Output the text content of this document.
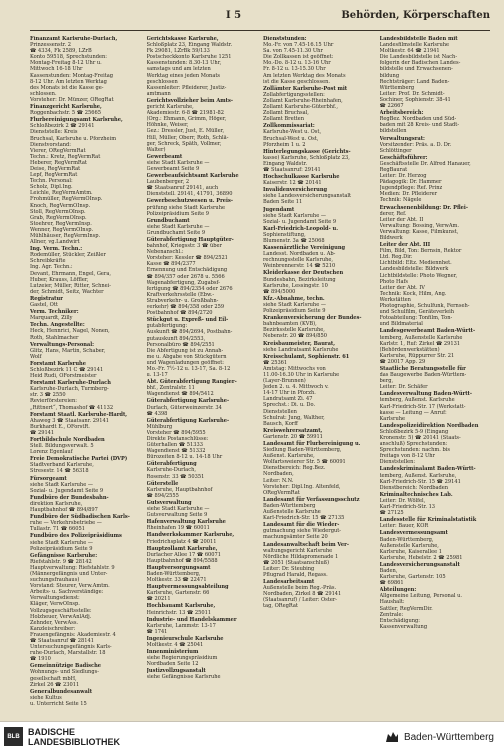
I 5	Behörden, Körperschaften
Finanzamt Karlsruhe-Durlach,
Prinzessenstr. 2
☎ 4334, Fk 2589, LZrB
Konto 59518, Sprechstunden:
Montag-Freitag 8-12 Uhr u.
Mittwoch 16-18 Uhr
Kassenstunden: Montag-Freitag
8-12 Uhr. Am letzten Werktag
des Monats ist die Kasse ge-
schlossen.
Vorsteher: Dr. Münzer, ORegRat
Finanzgericht Karlsruhe,
Roggenbachstr. 5 ☎ 25665
Flurbereinigungsamt Karlsruhe,
Schloßbezirk 2 ☎ 29141
Dienststelle: Kreis
Bruchsal, Karlsruhe u. Pforzheim
Dienstvorstand:
Vierer, ORegVermRat
Techn.: Kretz, RegVermRat
Heberer, RegVermRat
Deise, RegVermRat
Lepf, RegVermRat
Techn. Personal:
Scholz, Dipl.Ing.
Leichle, RegVermAmtm.
Frohmüller, RegVermOInsp.
Knoch, RegVermOInsp.
Stoll, RegVermOInsp.
Grab, RegVermOInsp.
Stoehrer, RegVermInsp.
Wenner, RegVermOInsp.
Mühlhäuser, RegVermInsp.
Allner, vg.Landwirt
Ing. Verm. Techn.:
Rodemüller, Stückler, Zeißler
Schreibkräfte
Ing. Agr. Techn.:
Devant, Ehrmann, Engel, Gera,
Huber, Krauss, Löffler,
Lutzeier, Müller, Ritter, Schnei-
der, Schmidt, Seitz, Wachter
Registratur
Gastel, Ott
Verm. Techniker:
Marquardt, Zilly
Techn. Angestellte:
Heck, Hennrici, Nagel, Nonen,
Roth, Stahlmacher
Verwaltungs-Personal:
Glitz, Hans, Martin, Schaber,
Wolf
Forstamt Karlsruhe
Schloßbezirk 11 C ☎ 29141
Heid Rudi, OForstmeister
Forstamt Karlsruhe-Durlach
Karlsruhe-Durlach, Turmberg-
str. 3 ☎ 2550
Revierförstereien:
„Rittnert“, Thomashof ☎ 41132
Forstamt Staatl. Karlsruhe-Hardt,
Ahaweg 3 ☎ Staatsanr. 29141
Burkhardt E., OForstR.
☎ 29141
Fortbildschule Nordbaden
Stell. Bildungsverwalt. 5
Lorenz Egenlauf
Freie Demokratische Partei (DVP)
Stadtverband Karlsruhe,
Stresestr. 14 ☎ 56318
Fürsorgeamt
siehe Stadt Karlsruhe —
Sozial- u. Jugendamt Seite 9
Fundbüro der Bundesbahn-
direktion Karlsruhe,
Hauptbahnhof ☎ 894/897
Fundbüro der Südbadischen Karls-
ruhe — Verkehrsbetriebe —
Tullastr. 71 ☎ 66051
Fundbüro des Polizeipräsidiums
siehe Stadt Karlsruhe —
Polizeipräsidium Seite 9
Gefängnisse Karlsruhe:
Riefstahlstr. 9 ☎ 28142
Hauptverwaltung: Riefstahlstr. 9
(Männergefängnis und Unter-
suchungsfrauhaus)
Vorstand: Steurer, Verw.Amtm.
Arbeits- u. Sachverständige:
Verwaltungsdienst:
Kläger, VerwOInsp.
Vollzugsgeschäftsstelle:
Holzheuer, VerwAnlAdj.
Zehnder, VerwAss.
Kanzleischreiber:
Frauengefängnis: Akademiestr. 4
☎ Staatsanruf ☎ 28141
Untersuchungsgefängnis Karls-
ruhe-Durlach, Marstallstr. 18
☎ 1910
Gemeinnützige Badische
Wohnungs- und Siedlungs-
gesellschaft mbH,
Zirkel 26 ☎ 23011
Generalbundesanwalt
siehe Kultus
u. Unterricht Seite 15
Gerichtskasse Karlsruhe,
Schloßplatz 23, Eingang Waldstr.
Fk 29081, LZrBk 59/133
Postscheckkonto Karlsruhe 1251
Kassenstunden: 8.30-13 Uhr,
samstags und am letzten
Werktag eines jeden Monats
geschlossen
Kassenleiter: Pfleiderer, Justiz-
amtmann
Gerichtsvollzieher beim Amts-
gericht Karlsruhe,
Akademiestr. 6-8 ☎ 21981-82
(Org.: Ehmann, Grimm, Höger,
Höhnke, Weiser,
Gez.: Dressler, Just, E. Müller,
Hill, Müller, Oberr, Roth, Schlä-
ger, Schreck, Späth, Vollmer,
Walter)
Gewerbeamt
siehe Stadt Karlsruhe —
Gewerbeamt Seite 9
Gewerbeaufsichtsamt Karlsruhe
Laubenberger, 2
☎ Staatsanruf 29141, auch
Dienststell. 29141, 41791, 36890
Gewerbeschutzwesen u. Preis-
prüfung siehe Stadt Karlsruhe
Polizeipräsidium Seite 9
Grundbuchamt
siehe Stadt Karlsruhe —
Grundbuchamt Seite 9
Güterabfertigung Hauptgüter-
bahnhof, Kriegsstr. 3 ☎ über
Nebenanschl.:
Vorsteher: Kessler ☎ 894/2521
Kasse ☎ 894/2377
Ernennung und Entschädigung
☎ 894/357 oder 2678 u. 5566
Wagenabfertigung, Zugabsf-
fertigung ☎ 894/2354 oder 2676
Kraftverkehrsstelle (Ebw.-
Strabverkehr- u. Großbahn-
verkehr) ☎ 894/358 oder 259
Postbahnhof ☎ 894/2720
Stückgut u. Expreß- und Eil-
gutabfertigung:
Auskunft ☎ 894/2694, Postbahn-
gutauskunft 894/2553,
Personalbüro ☎ 894/2551
Die Abfertigung ist zu Annah-
me u. Abgabe von Stückgütern
und Wagenladungen geöffnet:
Mo.-Fr. 7½-12 u. 13-17, Sa. 8-12
u. 13-17
Abt. Güterabfertigung Rangier-
bhf., Zentralstr. 11
Wagendienst ☎ 894/5412
Güterabfertigung Karlsruhe-
Durlach, Güterweinzerstr. 34
☎ 4398
Güterabfertigung Karlsruhe-
Mühlburg
Vorsteher ☎ 894/5955
Direkte Postanschlüsse:
Güterhallen ☎ 51333
Wagendienst ☎ 51332
Bürozeiten 8-12 u. 14-18 Uhr
Güterabfertigung
Karlsruhe-Durlach,
Rosenstr. 33 ☎ 50351
Güterstelle
Karlsruhe, Hauptbahnhof
☎ 894/2555
Gutsverwaltung
siehe Stadt Karlsruhe —
Gutsverwaltung Seite 9
Hafenverwaltung Karlsruhe
Rheinhafen 19 ☎ 60011
Handwerkskammer Karlsruhe,
Friedrichsplatz 4 ☎ 20011
Hauptzollamt Karlsruhe,
Durlacher Allee 17 ☎ 60071
Hauptbahnhof ☎ 894/5588
Hauptversorgungsamt
Baden-Württemberg,
Moltkestr. 33 ☎ 22471
Hauptvermessungsabteilung
Karlsruhe, Gartenstr. 66
☎ 20211
Hochbauamt Karlsruhe,
Heinrichstr. 13 ☎ 25011
Industrie- und Handelskammer
Karlsruhe, Lammstr. 13-17
☎ 1741
Ingenieurschule Karlsruhe
Moltkestr. 4 ☎ 25041
Innenministerium
siehe Regierungspräsidium
Nordbaden Seite 12
Justizvollzugsanstalt
siehe Gefängnisse Karlsruhe
Dienststunden:
Mo.-Fr. von 7.45-16.15 Uhr
Sa. von 7.45-11.30 Uhr
Die Zollkassen ist geöffnet:
Mo.-Do. 8-12 u. 13-16 Uhr
Fr. 8-12 u. 13-15.30 Uhr
Am letzten Werktag des Monats
ist die Kasse geschlossen.
Zollämter Karlsruhe-Post mit
Zollabfertigungsstellen:
Zollamt Karlsruhe-Rheinhafen,
Zollamt Karlsruhe-Güterbhf.,
Zollamt Bruchsal,
Zollamt Bretten
Zollkommissariat:
Karlsruhe-West u. Ost,
Bruchsal-West u. Ost,
Pforzheim 1 u. 2
Hinterlegungskasse (Gerichts-
kasse) Karlsruhe, Schloßplatz 23,
Eingang Waldstr.
☎ Staatsanruf: 29141
Hochschulkasse Karlsruhe
Kaiserstr. 12 ☎ 20141
Invalidenversicherung
siehe Landesversicherungsanstalt
Baden Seite 11
Jugendamt
siehe Stadt Karlsruhe —
Sozial- u. Jugendamt Seite 9
Karl-Friedrich-Leopold- u.
Sophienstiftung,
Blumenstr. 3a ☎ 25068
Kassenärztliche Vereinigung
Landesst. Nordbaden u. Ab-
rechnungsstelle Karlsruhe,
Weinbrennerstr. 14 ☎ 5210
Kleiderkasse der Deutschen
Bundesbahn, Bezirksleitung
Karlsruhe, Lessingstr. 10
☎ 894/5000
Kfz.-Abnahme, techn.
siehe Stadt Karlsruhe —
Polizeipräsidium Seite 9
Krankenversicherung der Bundes-
bahnbeamten (KVB),
Bezirksstelle Karlsruhe,
Nebenstr. 20 ☎ 894/850
Kreisbaumeister, Baurat,
siehe Landratsamt Karlsruhe
Kreisschulamt, Sophienstr. 61
☎ 25361
Amtstag: Mittwochs von
11.00-16.30 Uhr in Karlsruhe
(Layer-Brunnen)
Jeden 2. u. 4. Mittwoch v.
14-17 Uhr in Pforzh.
Landratsamt Zi. 47
Sprechst.: Di. u. Do.
Dienststellen
Schulrat: Jung, Walther,
Bausch, Korff
Kreiswehrersatzamt,
Gartenstr. 20 ☎ 59911
Landesamt für Flurbereinigung u.
Siedlung Baden-Württemberg,
Außenst. Karlsruhe,
Wolfartsweierer Str. 5 ☎ 60091
Dienstbereich: Reg.Bez.
Nordbaden,
Leiter: N.N.
Vorsteher: Dipl.Ing. Altenfeld,
ORegVermRat
Landesamt für Verfassungsschutz
Baden-Württemberg
Außenstelle Karlsruhe
Karl-Friedrich-Str. 15 ☎ 27135
Landesamt für die Wieder-
gutmachung siehe Wiedergut-
machungsämter Seite 20
Landesanwaltschaft beim Ver-
waltungsgericht Karlsruhe
Nördliche Hildapromenade 1
☎ 2051 (Staatsanschluß)
Leiter: Dr. Steubing
Pflugrad Harald, Regass.
Landesarbeitsamt
Außenstelle beim Reg.-Präs.
Nordbaden, Zirkel 8 ☎ 29141
(Staatsanruf) / Leiter: Oster-
tag, ORegRat
Landesbildstelle Baden mit
Landesfilmstelle Karlsruhe
Moltkestr. 64 ☎ 21941
Die Landesbildstelle ist Nach-
folgerin der Badischen Landes-
bildstelle und Erwachsenen-
bildung
Rechtsträger: Land Baden-
Württemberg
Leiter: Prof. Dr. Schmidt-
Sochiner, Sophienstr. 38-41
☎ 22667
Arbeitsbereich:
RegBez. Nordbaden und Süd-
baden mit 28 Kreis- und Stadt-
bildstellen
Verwaltungsrat:
Vorsitzender: Präs. a. D. Dr.
Schlöttinger
Geschäftsführer:
Geschäftsstelle Dr. Alfred Hanauer,
RegBaurat
Leiter: Dr. Herzog
Pädagogik: Dr. Hammer
Jugendpflege: Ref. Prinz
Medien: Dr. Pfleiderer
Technik: Nägele
Erwachsenenbildung: Dr. Pflei-
derer, Ref.
Leiter der Abt. II
Verwaltung: Bossing, VerwAm.
Verwaltung: Kasse, Filmkunst,
Bildwerk
Leiter der Abt. III
Film, Bild, Ton: Bernsin, Rektor
Ltd. Reg.Dir.
Lichtbild: Eltz. Mediennhet.
Landesbildstelle: Bildwerk
Lichtbildstelle: Photo Wegner,
Photo Hafs
Leiter der Abt. IV
Technik: Kock, Hilm, Ang.
Werkstätten
Photographie, Schulfunk, Fernseh-
und Schulfilm, Geräteverleih
Fotoabteilung: Tonfilm, Ton-
und Bildmaterial
Landesgewerbeamt Baden-Württ-
temberg, Außenstelle Karlsruhe
Karlstr. 1, Ruf: Zirkel ☎ 29131
(Behördenwerkstätten)
Karlsruhe, Rüppurrer Str. 21
☎ 20017 App. 29
Staatliche Beratungsstelle für
das Baugewerbe Baden-Württem-
berg,
Leiter: Dr. Schäfer
Landesverwaltung Baden-Württ-
temberg, Außenst. Karlsruhe
Karl-Friedrich-Str. 17 (Werkstatt-
kasse — Leitung — Anruf:
Karlsruhe
Landespolizeidirektion Nordbaden
Schloßbezirk 5-9 (Eingang
Kronenstr. 5) ☎ 20141 (Staats-
anschluß) Sprechstunden:
Sprechstunden: nachm. bis
freitags von 8-12 Uhr
Dienststellen:
Landeskriminalamt Baden-Württ-
temberg, Außenst. Karlsruhe,
Karl-Friedrich-Str. 15 ☎ 29141
Dienstbereich: Nordbaden
Kriminaltechnisches Lab.
Leiter: Dr. Wölfel,
Karl-Friedrich-Str. 13
☎ 27125
Landesstelle für Kriminalstatistik
Leiter: Bauer, KOR
Landesvermessungsamt
Baden-Württemberg,
Außenstelle Karlsruhe,
Karlsruhe, Kaiserallee 1
Karlsruhe, Hebelstr. 2 ☎ 25981
Landesversicherungsanstalt
Baden,
Karlsruhe, Gartenstr. 105
☎ 69861
Abteilungen:
Allgemeine Leitung, Personal u.
Haushalt:
Sattler, RegVermDir.
Zentrale:
Entschädigung:
Kassenverwaltung
BLB BADISCHE
LANDESBIBLIOTHEK	Baden-Württemberg
